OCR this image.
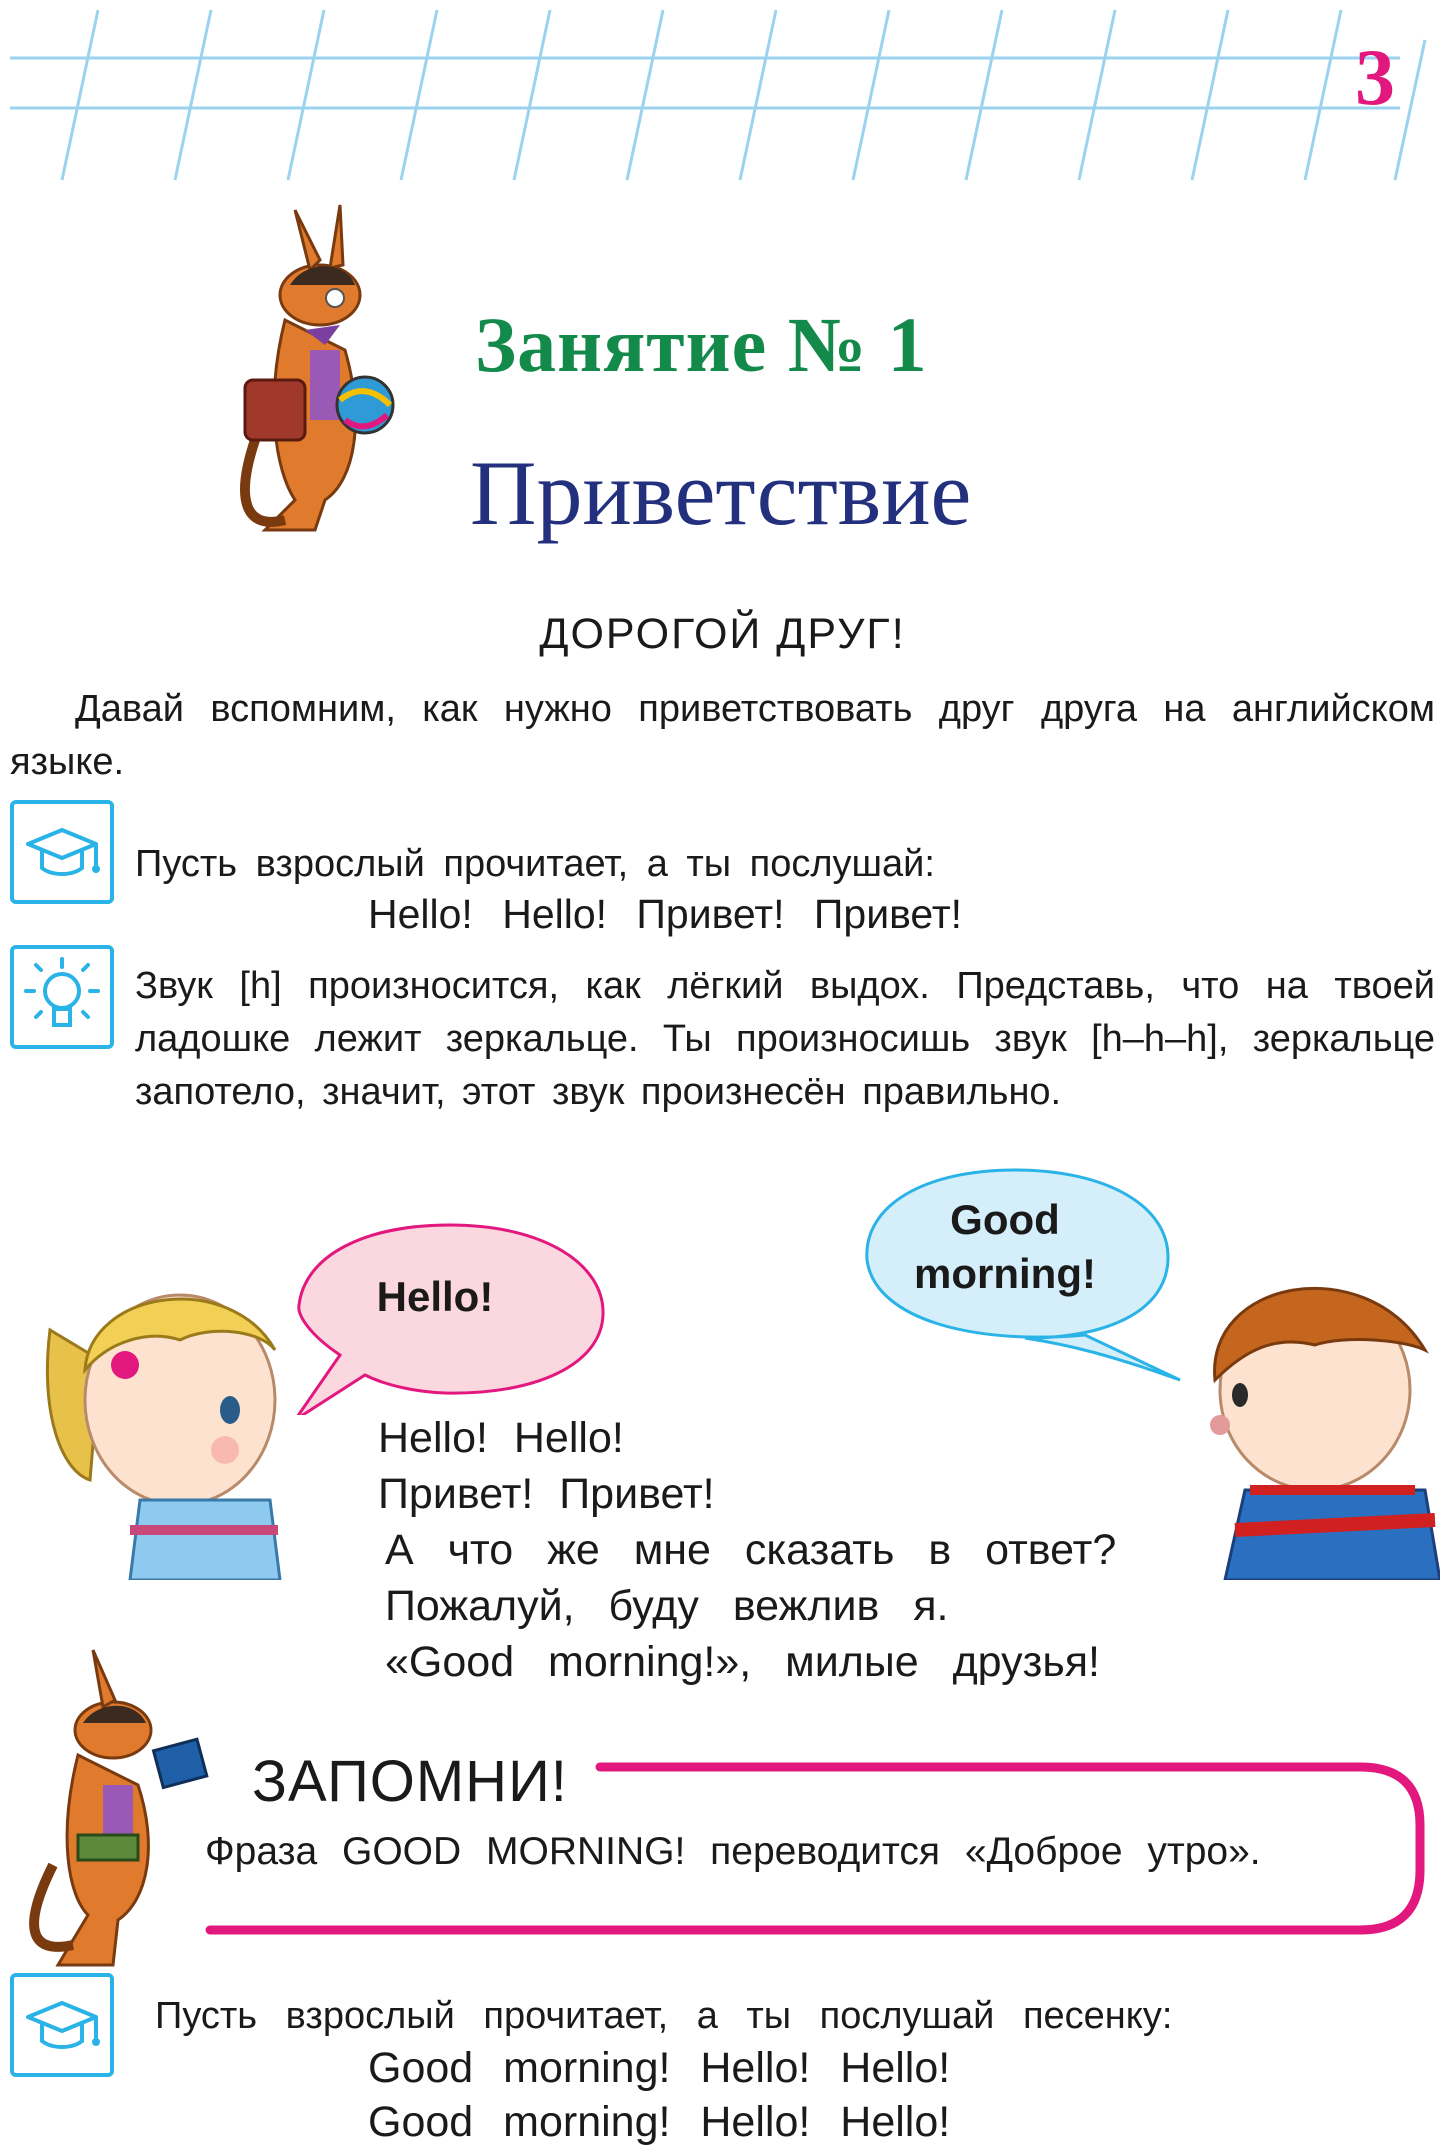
3
Занятие № 1
Приветствие
ДОРОГОЙ ДРУГ!
Давай вспомним, как нужно приветствовать друг друга на английском языке.
Пусть взрослый прочитает, а ты послушай:
Hello! Hello! Привет! Привет!
Звук [h] произносится, как лёгкий выдох. Представь, что на твоей ладошке лежит зеркальце. Ты произносишь звук [h–h–h], зеркальце запотело, значит, этот звук произнесён правильно.
Hello!
Good
morning!
Hello! Hello!
Привет! Привет!
А что же мне сказать в ответ?
Пожалуй, буду вежлив я.
«Good morning!», милые друзья!
ЗАПОМНИ!
Фраза GOOD MORNING! переводится «Доброе утро».
Пусть взрослый прочитает, а ты послушай песенку:
Good morning! Hello! Hello!
Good morning! Hello! Hello!
